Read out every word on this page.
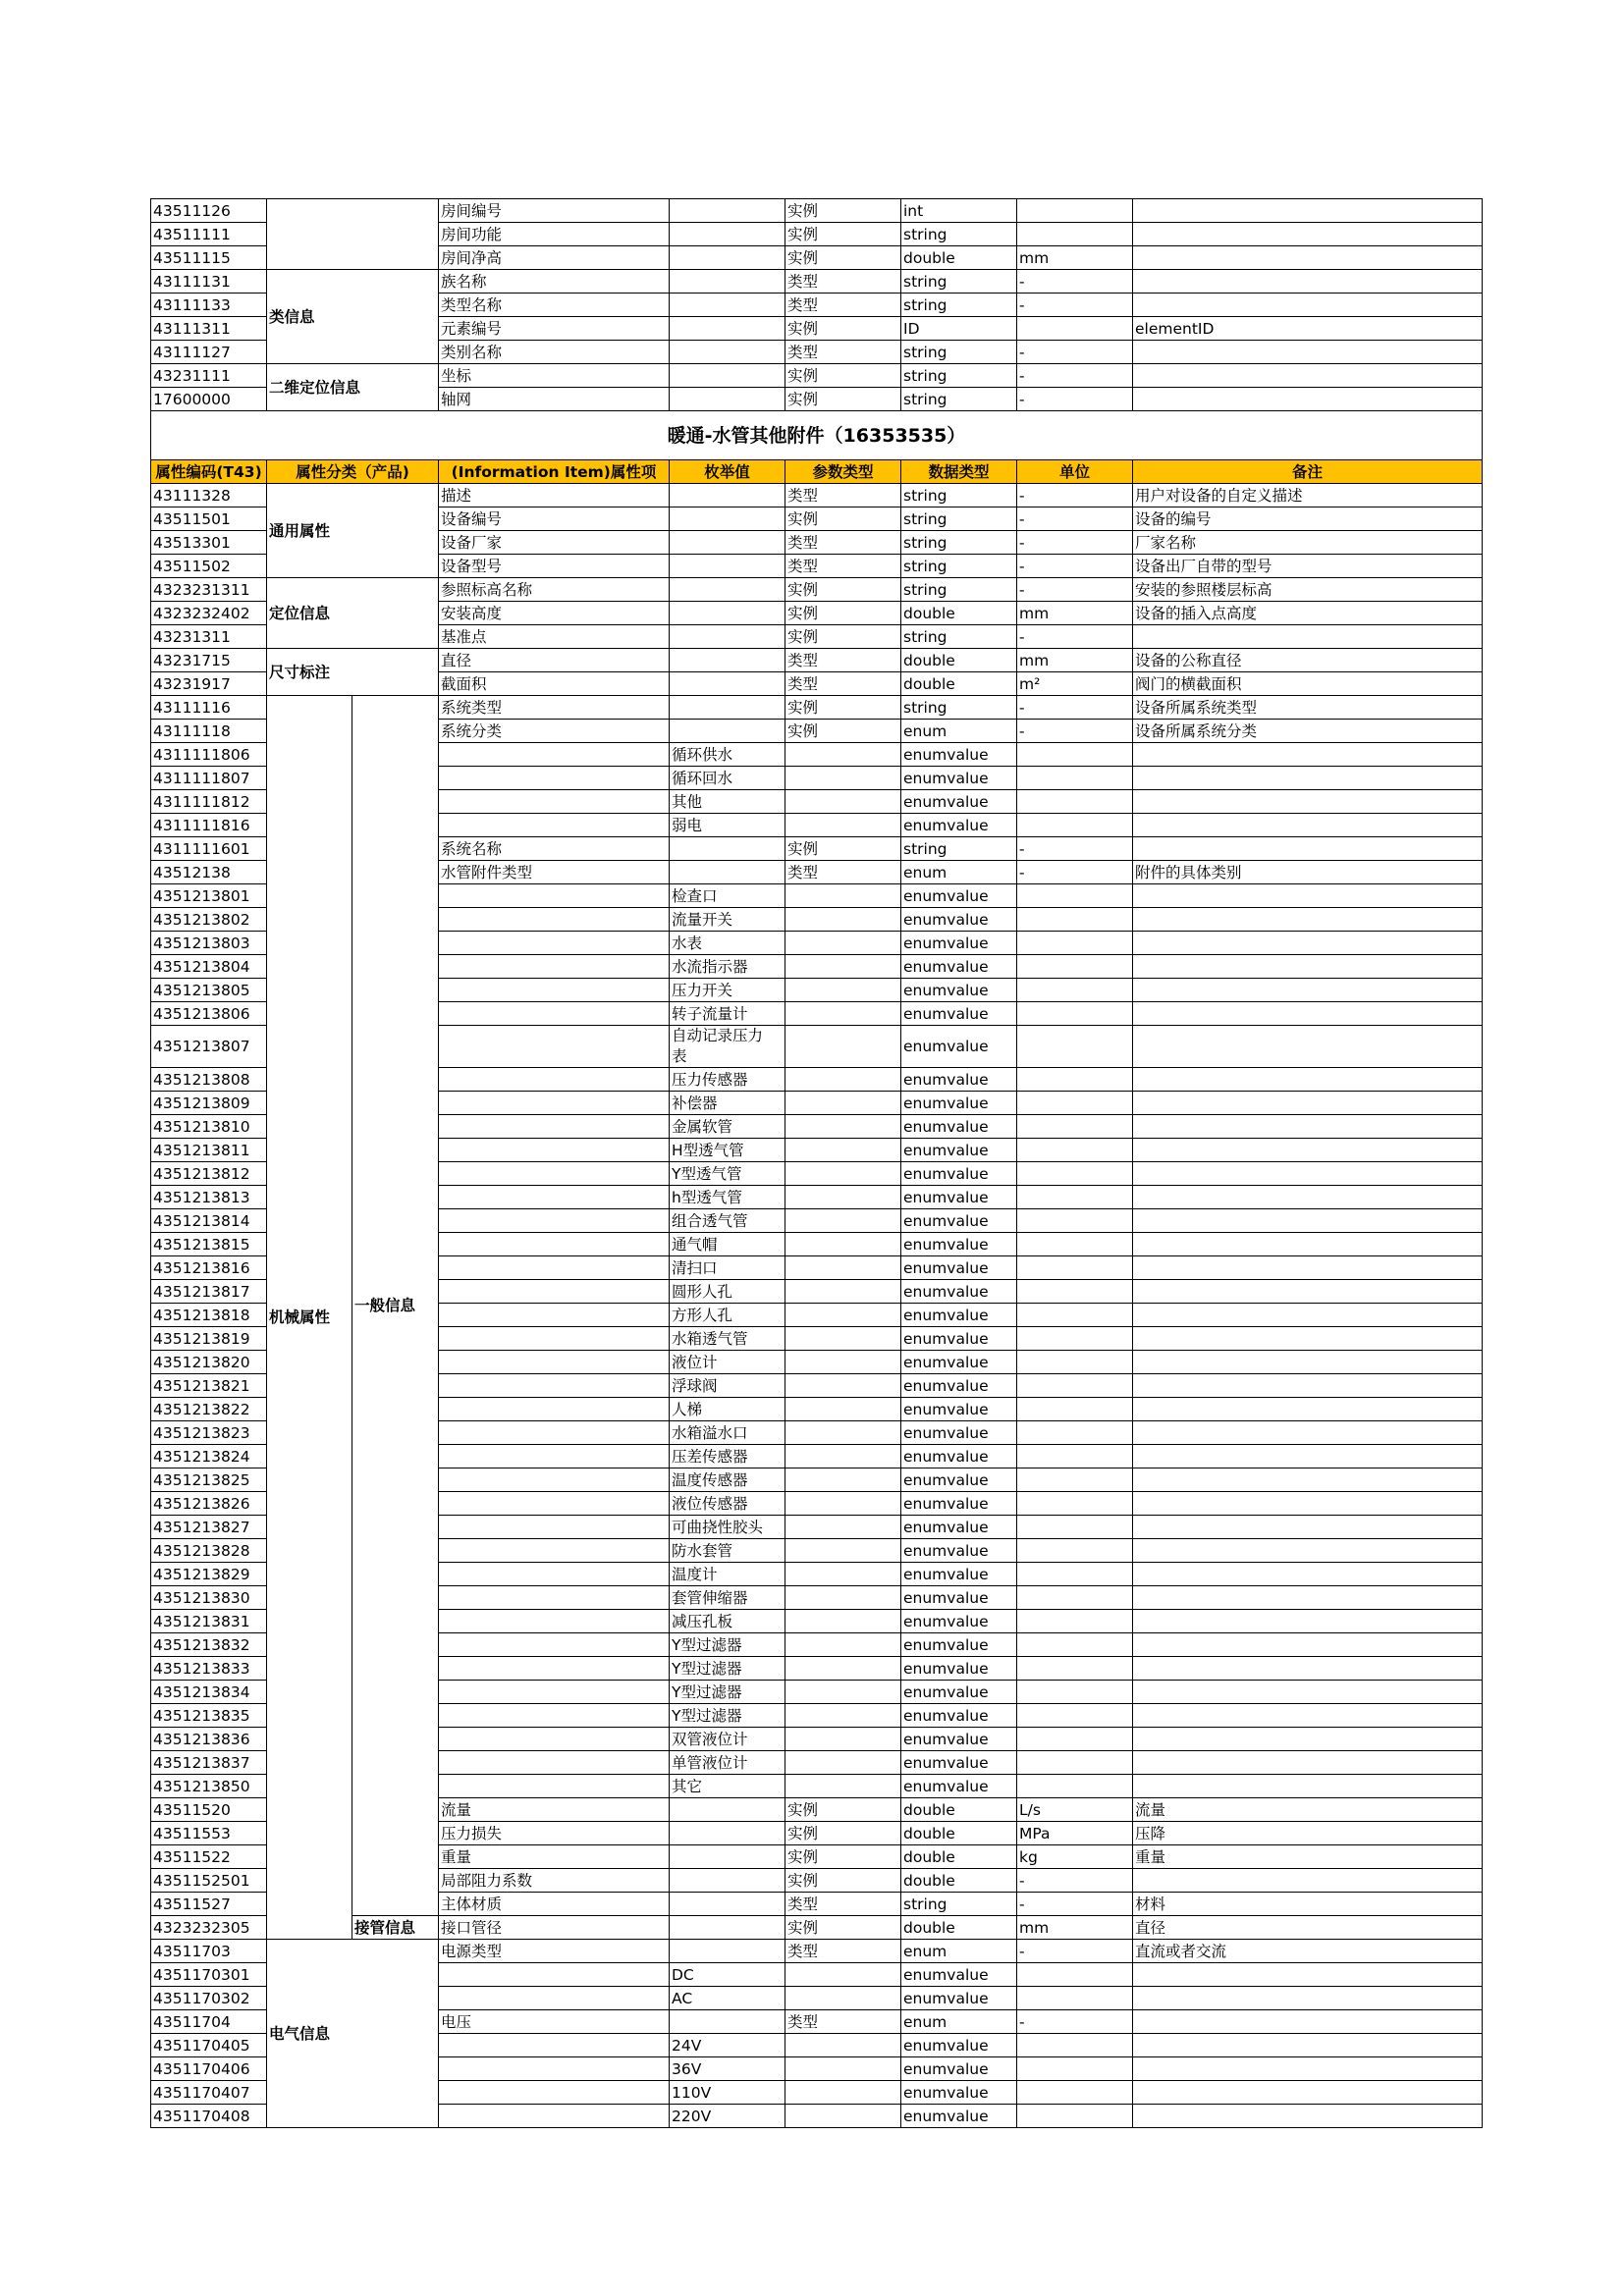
43511126			房间编号		实例	int		
43511111			房间功能		实例	string		
43511115			房间净高		实例	double	mm	
43111131	类信息		族名称		类型	string	-	
43111133			类型名称		类型	string	-	
43111311			元素编号		实例	ID		elementID
43111127			类别名称		类型	string	-	
43231111	二维定位信息		坐标		实例	string	-	
17600000			轴网		实例	string	-	
暖通-水管其他附件（16353535）								
属性编码(T43)	属性分类（产品)		(Information Item)属性项	枚举值	参数类型	数据类型	单位	备注
43111328	通用属性		描述		类型	string	-	用户对设备的自定义描述
43511501			设备编号		实例	string	-	设备的编号
43513301			设备厂家		类型	string	-	厂家名称
43511502			设备型号		类型	string	-	设备出厂自带的型号
4323231311	定位信息		参照标高名称		实例	string	-	安装的参照楼层标高
4323232402			安装高度		实例	double	mm	设备的插入点高度
43231311			基准点		实例	string	-	
43231715	尺寸标注		直径		类型	double	mm	设备的公称直径
43231917			截面积		类型	double	m²	阀门的横截面积
43111116	机械属性	一般信息	系统类型		实例	string	-	设备所属系统类型
43111118			系统分类		实例	enum	-	设备所属系统分类
4311111806				循环供水		enumvalue		
4311111807				循环回水		enumvalue		
4311111812				其他		enumvalue		
4311111816				弱电		enumvalue		
4311111601			系统名称		实例	string	-	
43512138			水管附件类型		类型	enum	-	附件的具体类别
4351213801				检查口		enumvalue		
4351213802				流量开关		enumvalue		
4351213803				水表		enumvalue		
4351213804				水流指示器		enumvalue		
4351213805				压力开关		enumvalue		
4351213806				转子流量计		enumvalue		
4351213807				自动记录压力
表		enumvalue		
4351213808				压力传感器		enumvalue		
4351213809				补偿器		enumvalue		
4351213810				金属软管		enumvalue		
4351213811				H型透气管		enumvalue		
4351213812				Y型透气管		enumvalue		
4351213813				h型透气管		enumvalue		
4351213814				组合透气管		enumvalue		
4351213815				通气帽		enumvalue		
4351213816				清扫口		enumvalue		
4351213817				圆形人孔		enumvalue		
4351213818				方形人孔		enumvalue		
4351213819				水箱透气管		enumvalue		
4351213820				液位计		enumvalue		
4351213821				浮球阀		enumvalue		
4351213822				人梯		enumvalue		
4351213823				水箱溢水口		enumvalue		
4351213824				压差传感器		enumvalue		
4351213825				温度传感器		enumvalue		
4351213826				液位传感器		enumvalue		
4351213827				可曲挠性胶头		enumvalue		
4351213828				防水套管		enumvalue		
4351213829				温度计		enumvalue		
4351213830				套管伸缩器		enumvalue		
4351213831				减压孔板		enumvalue		
4351213832				Y型过滤器		enumvalue		
4351213833				Y型过滤器		enumvalue		
4351213834				Y型过滤器		enumvalue		
4351213835				Y型过滤器		enumvalue		
4351213836				双管液位计		enumvalue		
4351213837				单管液位计		enumvalue		
4351213850				其它		enumvalue		
43511520			流量		实例	double	L/s	流量
43511553			压力损失		实例	double	MPa	压降
43511522			重量		实例	double	kg	重量
4351152501			局部阻力系数		实例	double	-	
43511527			主体材质		类型	string	-	材料
4323232305		接管信息	接口管径		实例	double	mm	直径
43511703	电气信息		电源类型		类型	enum	-	直流或者交流
4351170301				DC		enumvalue		
4351170302				AC		enumvalue		
43511704			电压		类型	enum	-	
4351170405				24V		enumvalue		
4351170406				36V		enumvalue		
4351170407				110V		enumvalue		
4351170408				220V		enumvalue		
